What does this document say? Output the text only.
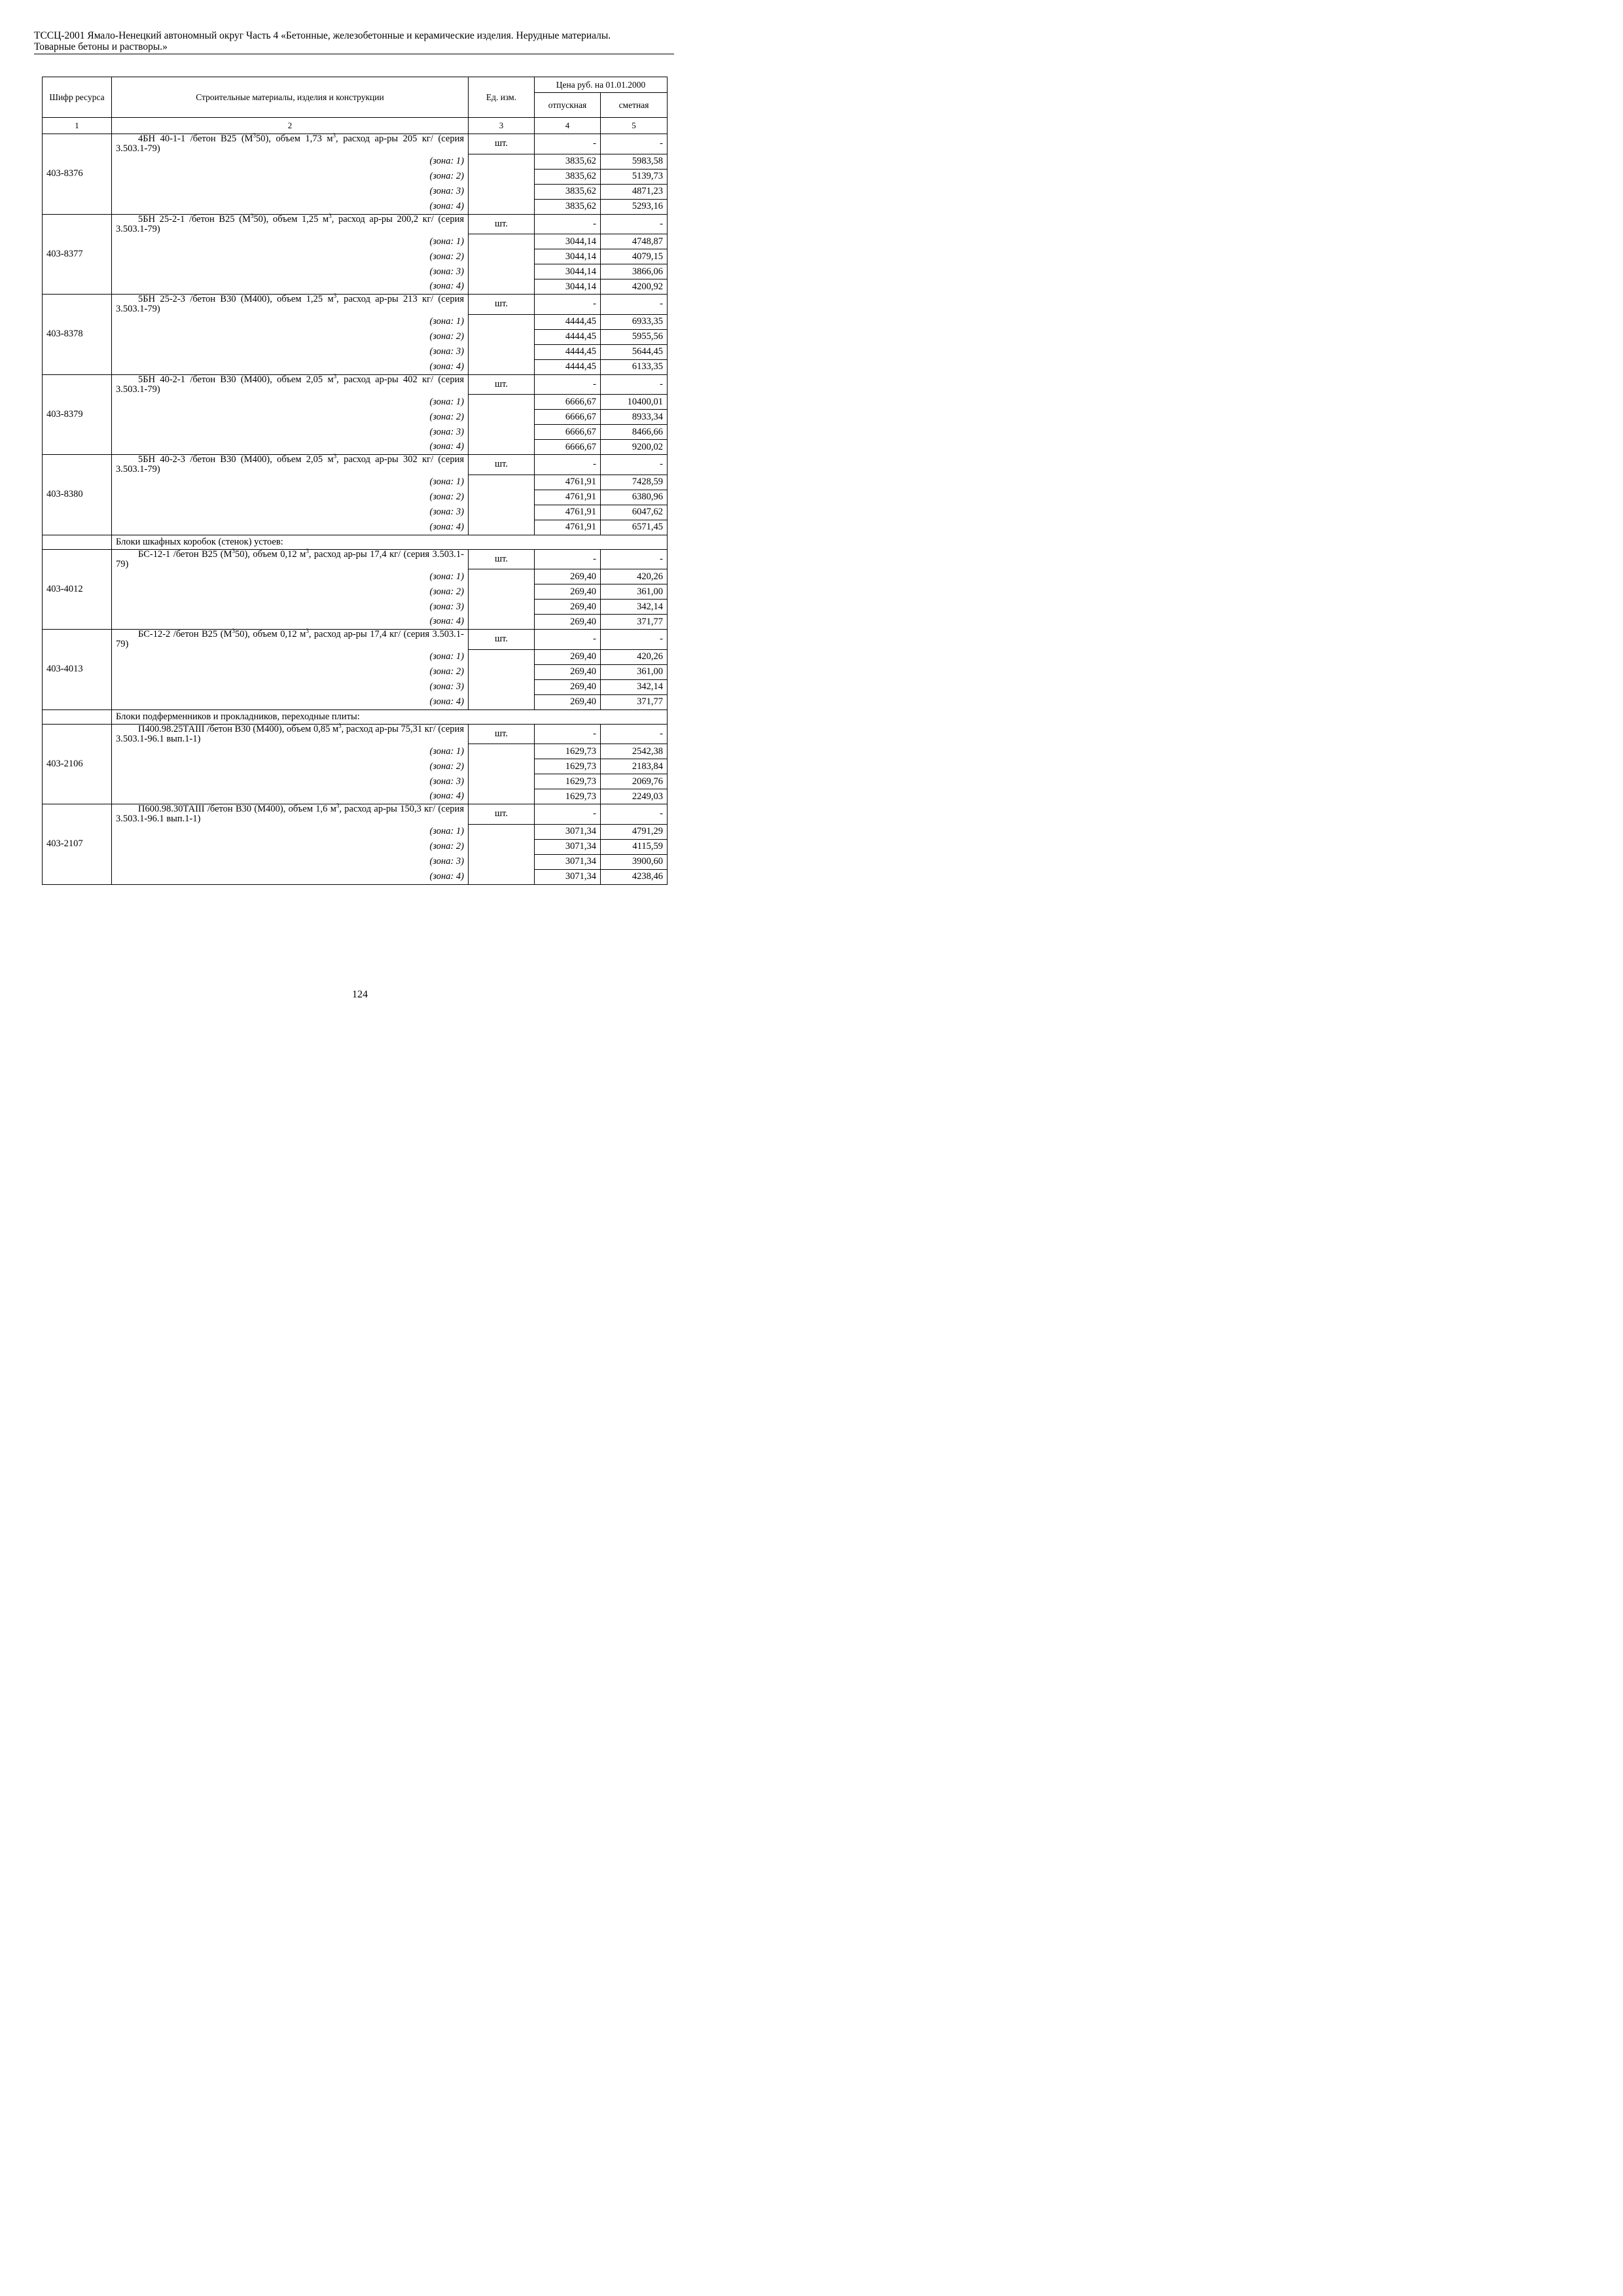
ТССЦ-2001 Ямало-Ненецкий автономный округ Часть 4 «Бетонные, железобетонные и керамические изделия. Нерудные материалы.
Товарные бетоны и растворы.»
Шифр ресурса	Строительные материалы, изделия и конструкции	Ед. изм.	Цена руб. на 01.01.2000	
			отпускная	сметная
1	2	3	4	5
403-8376	4БН 40-1-1 /бетон В25 $(М^350)$, объем 1,73 $м^3$, расход ар-ры 205 кг/ (серия 3.503.1-79)	шт.	-	-
	(зона: 1)		3835,62	5983,58
	(зона: 2)		3835,62	5139,73
	(зона: 3)		3835,62	4871,23
	(зона: 4)		3835,62	5293,16
403-8377	5БН 25-2-1 /бетон В25 $(М^350)$, объем 1,25 $м^3$, расход ар-ры 200,2 кг/ (серия 3.503.1-79)	шт.	-	-
	(зона: 1)		3044,14	4748,87
	(зона: 2)		3044,14	4079,15
	(зона: 3)		3044,14	3866,06
	(зона: 4)		3044,14	4200,92
403-8378	5БН 25-2-3 /бетон В30 (М400), объем 1,25 $м^3$, расход ар-ры 213 кг/ (серия 3.503.1-79)	шт.	-	-
	(зона: 1)		4444,45	6933,35
	(зона: 2)		4444,45	5955,56
	(зона: 3)		4444,45	5644,45
	(зона: 4)		4444,45	6133,35
403-8379	5БН 40-2-1 /бетон В30 (М400), объем 2,05 $м^3$, расход ар-ры 402 кг/ (серия 3.503.1-79)	шт.	-	-
	(зона: 1)		6666,67	10400,01
	(зона: 2)		6666,67	8933,34
	(зона: 3)		6666,67	8466,66
	(зона: 4)		6666,67	9200,02
403-8380	5БН 40-2-3 /бетон В30 (М400), объем 2,05 $м^3$, расход ар-ры 302 кг/ (серия 3.503.1-79)	шт.	-	-
	(зона: 1)		4761,91	7428,59
	(зона: 2)		4761,91	6380,96
	(зона: 3)		4761,91	6047,62
	(зона: 4)		4761,91	6571,45
	Блоки шкафных коробок (стенок) устоев:			
403-4012	БС-12-1 /бетон В25 $(М^350)$, объем 0,12 $м^3$, расход ар-ры 17,4 кг/ (серия 3.503.1-79)	шт.	-	-
	(зона: 1)		269,40	420,26
	(зона: 2)		269,40	361,00
	(зона: 3)		269,40	342,14
	(зона: 4)		269,40	371,77
403-4013	БС-12-2 /бетон В25 $(М^350)$, объем 0,12 $м^3$, расход ар-ры 17,4 кг/ (серия 3.503.1-79)	шт.	-	-
	(зона: 1)		269,40	420,26
	(зона: 2)		269,40	361,00
	(зона: 3)		269,40	342,14
	(зона: 4)		269,40	371,77
	Блоки подферменников и прокладников, переходные плиты:			
403-2106	П400.98.25ТАIII /бетон В30 (М400), объем 0,85 $м^3$, расход ар-ры 75,31 кг/ (серия 3.503.1-96.1 вып.1-1)	шт.	-	-
	(зона: 1)		1629,73	2542,38
	(зона: 2)		1629,73	2183,84
	(зона: 3)		1629,73	2069,76
	(зона: 4)		1629,73	2249,03
403-2107	П600.98.30ТАIII /бетон В30 (М400), объем 1,6 $м^3$, расход ар-ры 150,3 кг/ (серия 3.503.1-96.1 вып.1-1)	шт.	-	-
	(зона: 1)		3071,34	4791,29
	(зона: 2)		3071,34	4115,59
	(зона: 3)		3071,34	3900,60
	(зона: 4)		3071,34	4238,46
124
